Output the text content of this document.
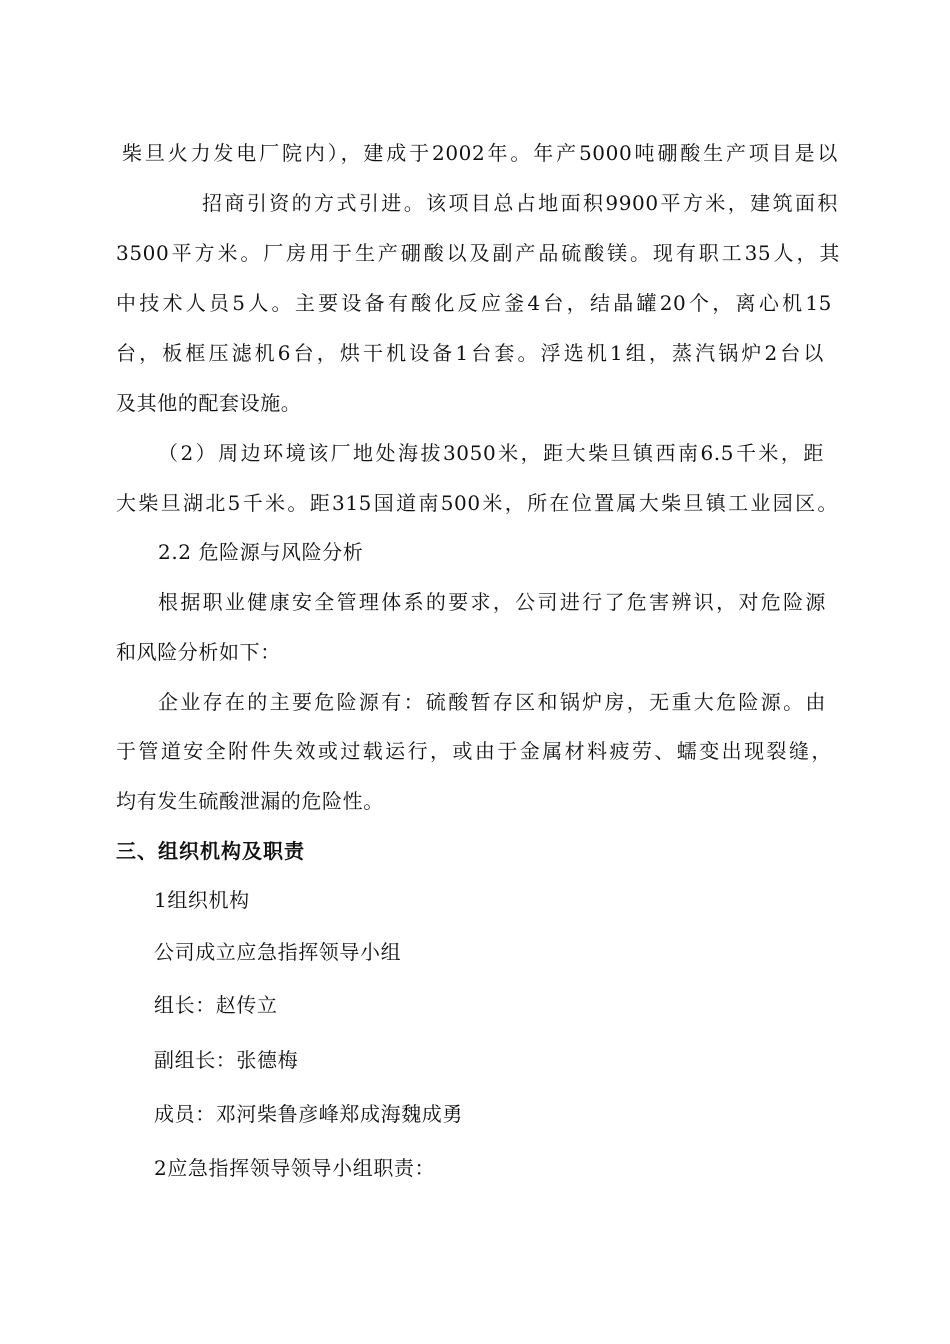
柴旦火力发电厂院内），建成于2002年。年产5000吨硼酸生产项目是以
招商引资的方式引进。该项目总占地面积9900平方米，建筑面积
3500平方米。厂房用于生产硼酸以及副产品硫酸镁。现有职工35人，其
中技术人员5人。主要设备有酸化反应釜4台，结晶罐20个，离心机15
台，板框压滤机6台，烘干机设备1台套。浮选机1组，蒸汽锅炉2台以
及其他的配套设施。
（2）周边环境该厂地处海拔3050米，距大柴旦镇西南6.5千米，距
大柴旦湖北5千米。距315国道南500米，所在位置属大柴旦镇工业园区。
2.2 危险源与风险分析
根据职业健康安全管理体系的要求，公司进行了危害辨识，对危险源
和风险分析如下：
企业存在的主要危险源有：硫酸暂存区和锅炉房，无重大危险源。由
于管道安全附件失效或过载运行，或由于金属材料疲劳、蠕变出现裂缝，
均有发生硫酸泄漏的危险性。
三、组织机构及职责
1组织机构
公司成立应急指挥领导小组
组长：赵传立
副组长：张德梅
成员：邓河柴鲁彦峰郑成海魏成勇
2应急指挥领导领导小组职责：
